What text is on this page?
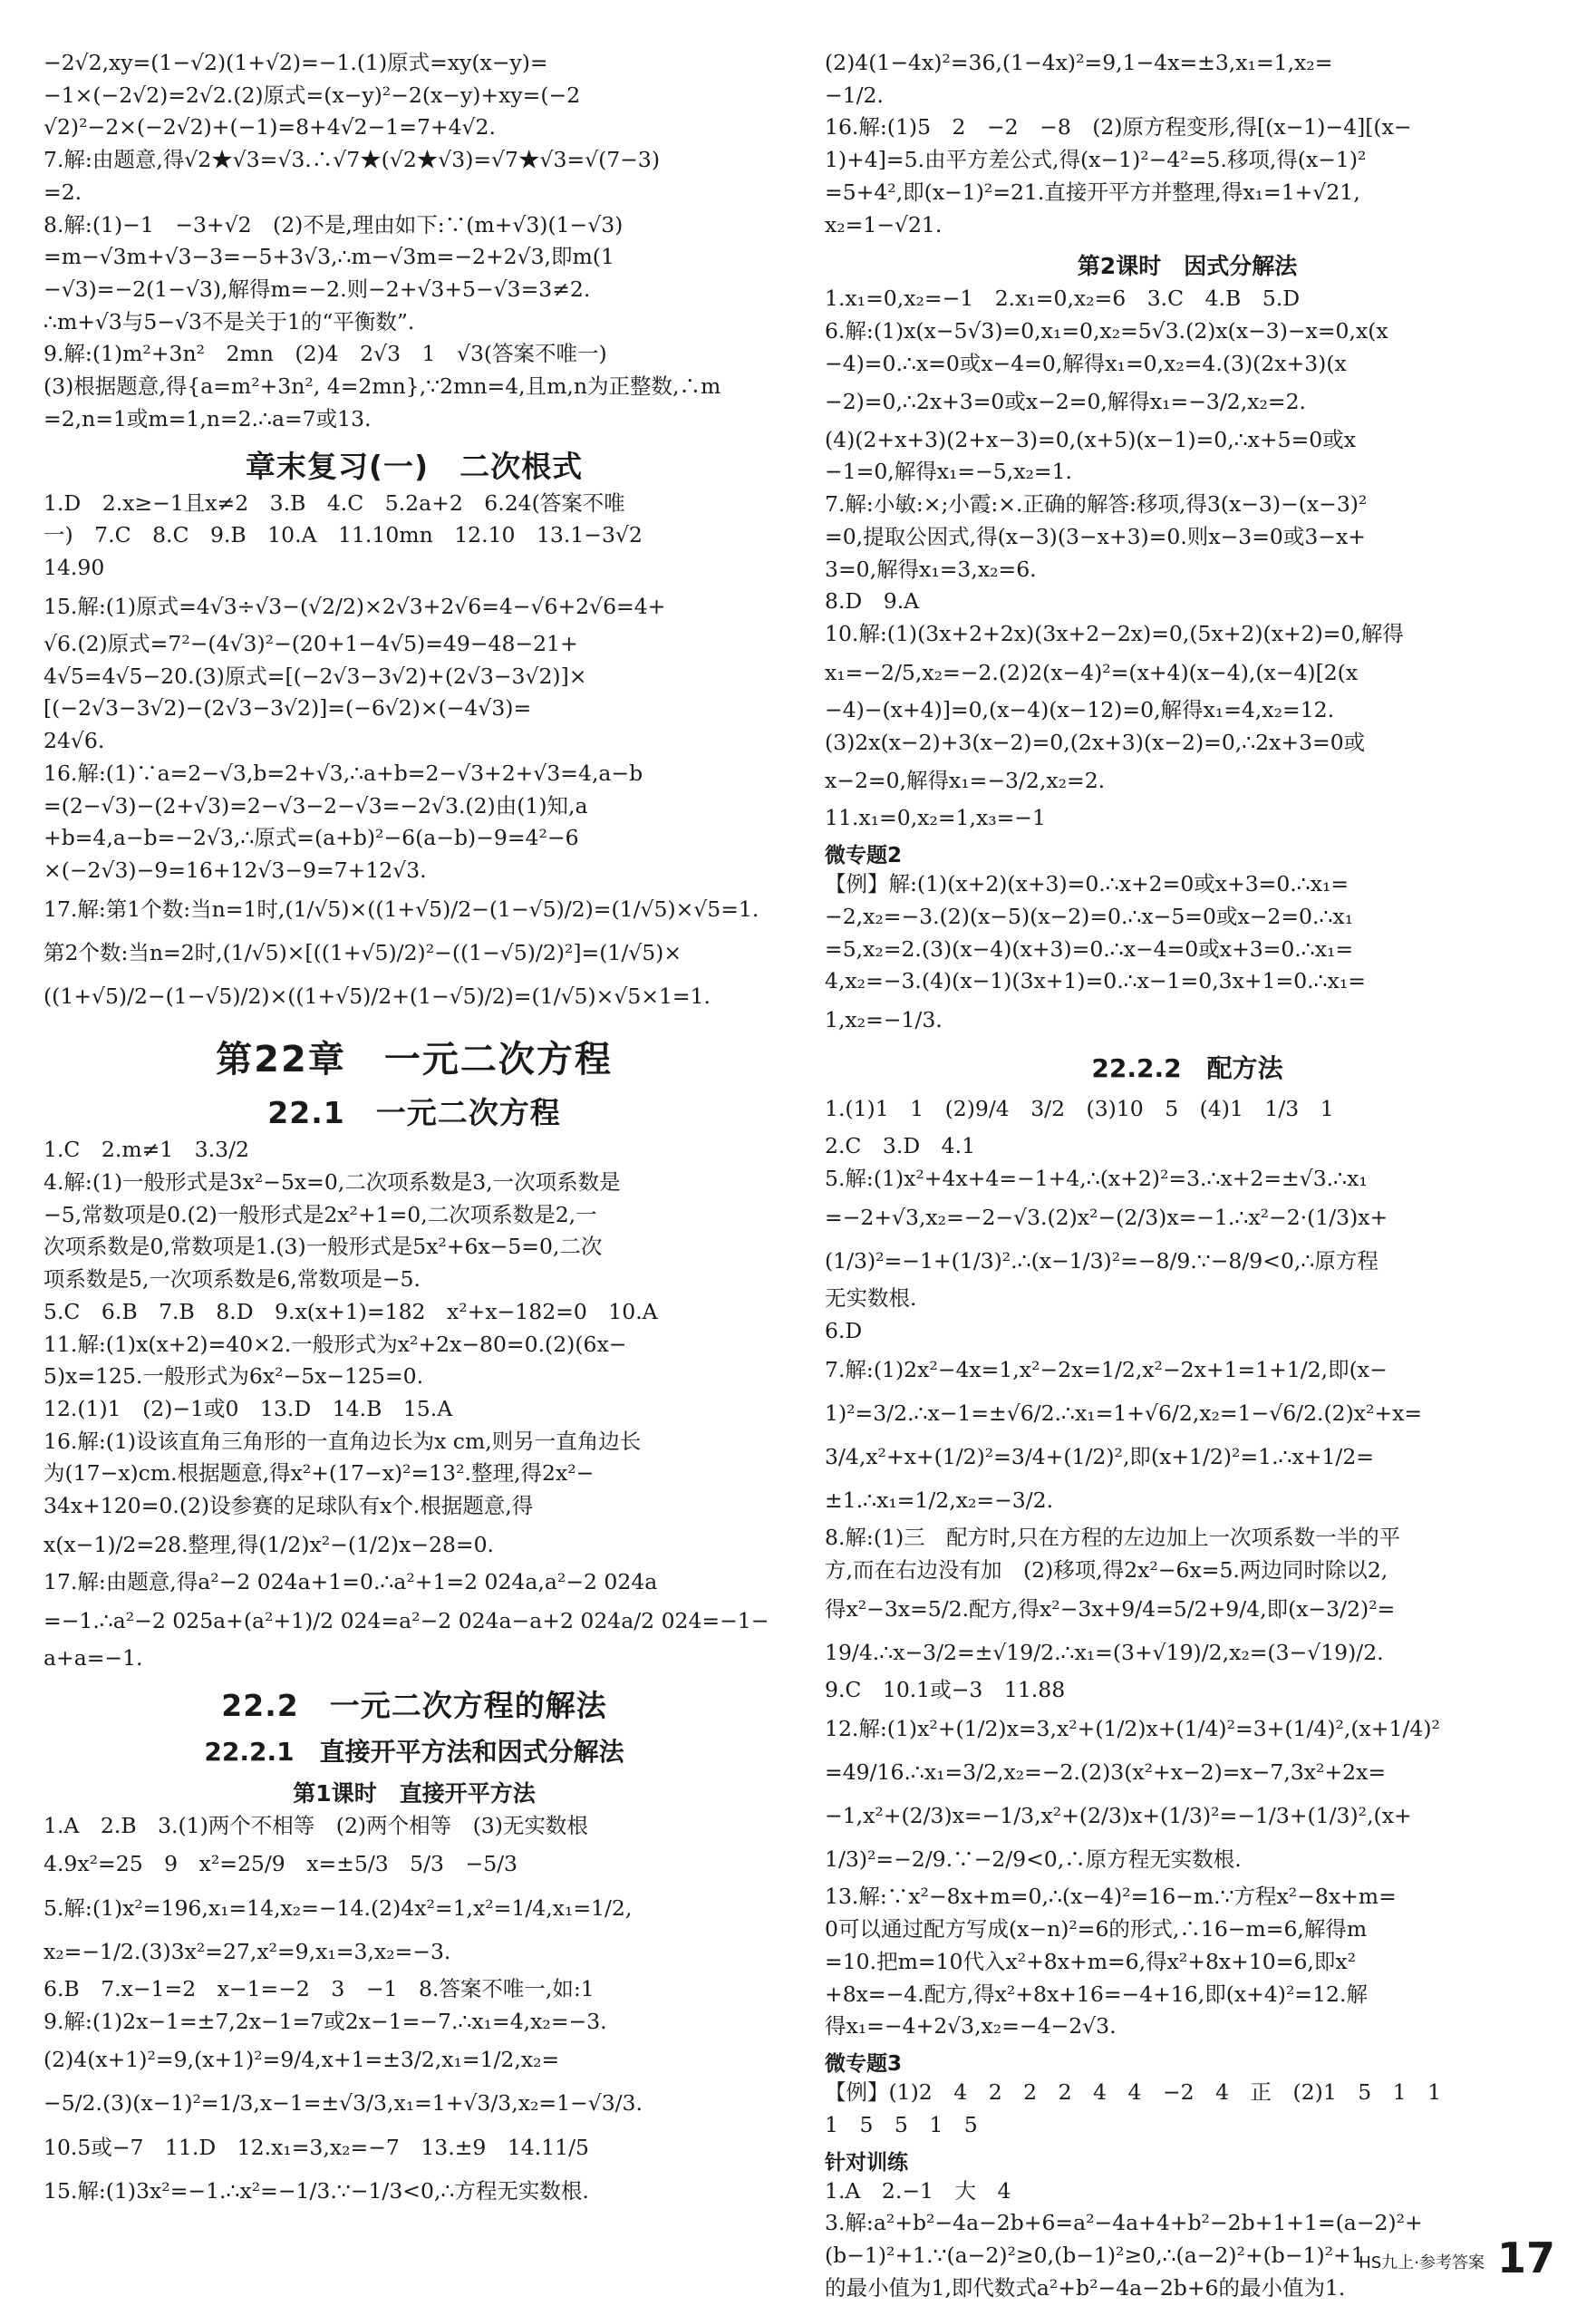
−2√2,xy=(1−√2)(1+√2)=−1.(1)原式=xy(x−y)=
−1×(−2√2)=2√2.(2)原式=(x−y)²−2(x−y)+xy=(−2
√2)²−2×(−2√2)+(−1)=8+4√2−1=7+4√2.
7.解:由题意,得√2★√3=√3.∴√7★(√2★√3)=√7★√3=√(7−3)
=2.
8.解:(1)−1　−3+√2　(2)不是,理由如下:∵(m+√3)(1−√3)
=m−√3m+√3−3=−5+3√3,∴m−√3m=−2+2√3,即m(1
−√3)=−2(1−√3),解得m=−2.则−2+√3+5−√3=3≠2.
∴m+√3与5−√3不是关于1的“平衡数”.
9.解:(1)m²+3n²　2mn　(2)4　2√3　1　√3(答案不唯一)
(3)根据题意,得{a=m²+3n², 4=2mn},∵2mn=4,且m,n为正整数,∴m
=2,n=1或m=1,n=2.∴a=7或13.
章末复习(一)　二次根式
1.D　2.x≥−1且x≠2　3.B　4.C　5.2a+2　6.24(答案不唯
一)　7.C　8.C　9.B　10.A　11.10mn　12.10　13.1−3√2
14.90
15.解:(1)原式=4√3÷√3−(√2/2)×2√3+2√6=4−√6+2√6=4+
√6.(2)原式=7²−(4√3)²−(20+1−4√5)=49−48−21+
4√5=4√5−20.(3)原式=[(−2√3−3√2)+(2√3−3√2)]×
[(−2√3−3√2)−(2√3−3√2)]=(−6√2)×(−4√3)=
24√6.
16.解:(1)∵a=2−√3,b=2+√3,∴a+b=2−√3+2+√3=4,a−b
=(2−√3)−(2+√3)=2−√3−2−√3=−2√3.(2)由(1)知,a
+b=4,a−b=−2√3,∴原式=(a+b)²−6(a−b)−9=4²−6
×(−2√3)−9=16+12√3−9=7+12√3.
17.解:第1个数:当n=1时,(1/√5)×((1+√5)/2−(1−√5)/2)=(1/√5)×√5=1.
第2个数:当n=2时,(1/√5)×[((1+√5)/2)²−((1−√5)/2)²]=(1/√5)×
((1+√5)/2−(1−√5)/2)×((1+√5)/2+(1−√5)/2)=(1/√5)×√5×1=1.
第22章　一元二次方程
22.1　一元二次方程
1.C　2.m≠1　3.3/2
4.解:(1)一般形式是3x²−5x=0,二次项系数是3,一次项系数是
−5,常数项是0.(2)一般形式是2x²+1=0,二次项系数是2,一
次项系数是0,常数项是1.(3)一般形式是5x²+6x−5=0,二次
项系数是5,一次项系数是6,常数项是−5.
5.C　6.B　7.B　8.D　9.x(x+1)=182　x²+x−182=0　10.A
11.解:(1)x(x+2)=40×2.一般形式为x²+2x−80=0.(2)(6x−
5)x=125.一般形式为6x²−5x−125=0.
12.(1)1　(2)−1或0　13.D　14.B　15.A
16.解:(1)设该直角三角形的一直角边长为x cm,则另一直角边长
为(17−x)cm.根据题意,得x²+(17−x)²=13².整理,得2x²−
34x+120=0.(2)设参赛的足球队有x个.根据题意,得
x(x−1)/2=28.整理,得(1/2)x²−(1/2)x−28=0.
17.解:由题意,得a²−2 024a+1=0.∴a²+1=2 024a,a²−2 024a
=−1.∴a²−2 025a+(a²+1)/2 024=a²−2 024a−a+2 024a/2 024=−1−
a+a=−1.
22.2　一元二次方程的解法
22.2.1　直接开平方法和因式分解法
第1课时　直接开平方法
1.A　2.B　3.(1)两个不相等　(2)两个相等　(3)无实数根
4.9x²=25　9　x²=25/9　x=±5/3　5/3　−5/3
5.解:(1)x²=196,x₁=14,x₂=−14.(2)4x²=1,x²=1/4,x₁=1/2,
x₂=−1/2.(3)3x²=27,x²=9,x₁=3,x₂=−3.
6.B　7.x−1=2　x−1=−2　3　−1　8.答案不唯一,如:1
9.解:(1)2x−1=±7,2x−1=7或2x−1=−7.∴x₁=4,x₂=−3.
(2)4(x+1)²=9,(x+1)²=9/4,x+1=±3/2,x₁=1/2,x₂=
−5/2.(3)(x−1)²=1/3,x−1=±√3/3,x₁=1+√3/3,x₂=1−√3/3.
10.5或−7　11.D　12.x₁=3,x₂=−7　13.±9　14.11/5
15.解:(1)3x²=−1.∴x²=−1/3.∵−1/3<0,∴方程无实数根.
(2)4(1−4x)²=36,(1−4x)²=9,1−4x=±3,x₁=1,x₂=
−1/2.
16.解:(1)5　2　−2　−8　(2)原方程变形,得[(x−1)−4][(x−
1)+4]=5.由平方差公式,得(x−1)²−4²=5.移项,得(x−1)²
=5+4²,即(x−1)²=21.直接开平方并整理,得x₁=1+√21,
x₂=1−√21.
第2课时　因式分解法
1.x₁=0,x₂=−1　2.x₁=0,x₂=6　3.C　4.B　5.D
6.解:(1)x(x−5√3)=0,x₁=0,x₂=5√3.(2)x(x−3)−x=0,x(x
−4)=0.∴x=0或x−4=0,解得x₁=0,x₂=4.(3)(2x+3)(x
−2)=0,∴2x+3=0或x−2=0,解得x₁=−3/2,x₂=2.
(4)(2+x+3)(2+x−3)=0,(x+5)(x−1)=0,∴x+5=0或x
−1=0,解得x₁=−5,x₂=1.
7.解:小敏:×;小霞:×.正确的解答:移项,得3(x−3)−(x−3)²
=0,提取公因式,得(x−3)(3−x+3)=0.则x−3=0或3−x+
3=0,解得x₁=3,x₂=6.
8.D　9.A
10.解:(1)(3x+2+2x)(3x+2−2x)=0,(5x+2)(x+2)=0,解得
x₁=−2/5,x₂=−2.(2)2(x−4)²=(x+4)(x−4),(x−4)[2(x
−4)−(x+4)]=0,(x−4)(x−12)=0,解得x₁=4,x₂=12.
(3)2x(x−2)+3(x−2)=0,(2x+3)(x−2)=0,∴2x+3=0或
x−2=0,解得x₁=−3/2,x₂=2.
11.x₁=0,x₂=1,x₃=−1
微专题2
【例】解:(1)(x+2)(x+3)=0.∴x+2=0或x+3=0.∴x₁=
−2,x₂=−3.(2)(x−5)(x−2)=0.∴x−5=0或x−2=0.∴x₁
=5,x₂=2.(3)(x−4)(x+3)=0.∴x−4=0或x+3=0.∴x₁=
4,x₂=−3.(4)(x−1)(3x+1)=0.∴x−1=0,3x+1=0.∴x₁=
1,x₂=−1/3.
22.2.2　配方法
1.(1)1　1　(2)9/4　3/2　(3)10　5　(4)1　1/3　1
2.C　3.D　4.1
5.解:(1)x²+4x+4=−1+4,∴(x+2)²=3.∴x+2=±√3.∴x₁
=−2+√3,x₂=−2−√3.(2)x²−(2/3)x=−1.∴x²−2·(1/3)x+
(1/3)²=−1+(1/3)².∴(x−1/3)²=−8/9.∵−8/9<0,∴原方程
无实数根.
6.D
7.解:(1)2x²−4x=1,x²−2x=1/2,x²−2x+1=1+1/2,即(x−
1)²=3/2.∴x−1=±√6/2.∴x₁=1+√6/2,x₂=1−√6/2.(2)x²+x=
3/4,x²+x+(1/2)²=3/4+(1/2)²,即(x+1/2)²=1.∴x+1/2=
±1.∴x₁=1/2,x₂=−3/2.
8.解:(1)三　配方时,只在方程的左边加上一次项系数一半的平
方,而在右边没有加　(2)移项,得2x²−6x=5.两边同时除以2,
得x²−3x=5/2.配方,得x²−3x+9/4=5/2+9/4,即(x−3/2)²=
19/4.∴x−3/2=±√19/2.∴x₁=(3+√19)/2,x₂=(3−√19)/2.
9.C　10.1或−3　11.88
12.解:(1)x²+(1/2)x=3,x²+(1/2)x+(1/4)²=3+(1/4)²,(x+1/4)²
=49/16.∴x₁=3/2,x₂=−2.(2)3(x²+x−2)=x−7,3x²+2x=
−1,x²+(2/3)x=−1/3,x²+(2/3)x+(1/3)²=−1/3+(1/3)²,(x+
1/3)²=−2/9.∵−2/9<0,∴原方程无实数根.
13.解:∵x²−8x+m=0,∴(x−4)²=16−m.∵方程x²−8x+m=
0可以通过配方写成(x−n)²=6的形式,∴16−m=6,解得m
=10.把m=10代入x²+8x+m=6,得x²+8x+10=6,即x²
+8x=−4.配方,得x²+8x+16=−4+16,即(x+4)²=12.解
得x₁=−4+2√3,x₂=−4−2√3.
微专题3
【例】(1)2　4　2　2　2　4　4　−2　4　正　(2)1　5　1　1
1　5　5　1　5
针对训练
1.A　2.−1　大　4
3.解:a²+b²−4a−2b+6=a²−4a+4+b²−2b+1+1=(a−2)²+
(b−1)²+1.∵(a−2)²≥0,(b−1)²≥0,∴(a−2)²+(b−1)²+1
的最小值为1,即代数式a²+b²−4a−2b+6的最小值为1.
HS九上·参考答案 17
